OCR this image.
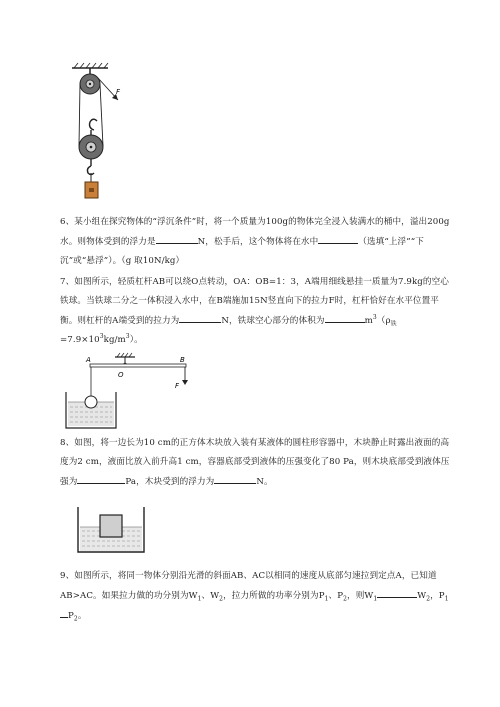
F

6、某小组在探究物体的“浮沉条件”时，将一个质量为100g的物体完全浸入装满水的桶中，溢出200g水。则物体受到的浮力是	N，松手后，这个物体将在水中	（选填“上浮”“下沉”或“悬浮”）。（g 取10N/kg）

7、如图所示，轻质杠杆AB可以绕O点转动，OA：OB=1：3，A端用细线悬挂一质量为7.9kg的空心铁球。当铁球二分之一体积浸入水中，在B端施加15N竖直向下的拉力F时，杠杆恰好在水平位置平衡。则杠杆的A端受到的拉力为	N，铁球空心部分的体积为	$m^3(\rho_铁=7.9\times 10^3kg/m^3)$。

A
O
B
F

8、如图，将一边长为10 cm的正方体木块放入装有某液体的圆柱形容器中，木块静止时露出液面的高度为2 cm，液面比放入前升高1 cm，容器底部受到液体的压强变化了80 Pa，则木块底部受到液体压强为	Pa，木块受到的浮力为	N。

9、如图所示，将同一物体分别沿光滑的斜面AB、AC以相同的速度从底部匀速拉到定点A，已知道AB>AC。如果拉力做的功分别为$W_1$、$W_2$，拉力所做的功率分别为$P_1$、$P_2$，则$W_1$	$W_2$，$P_1P_2$。
